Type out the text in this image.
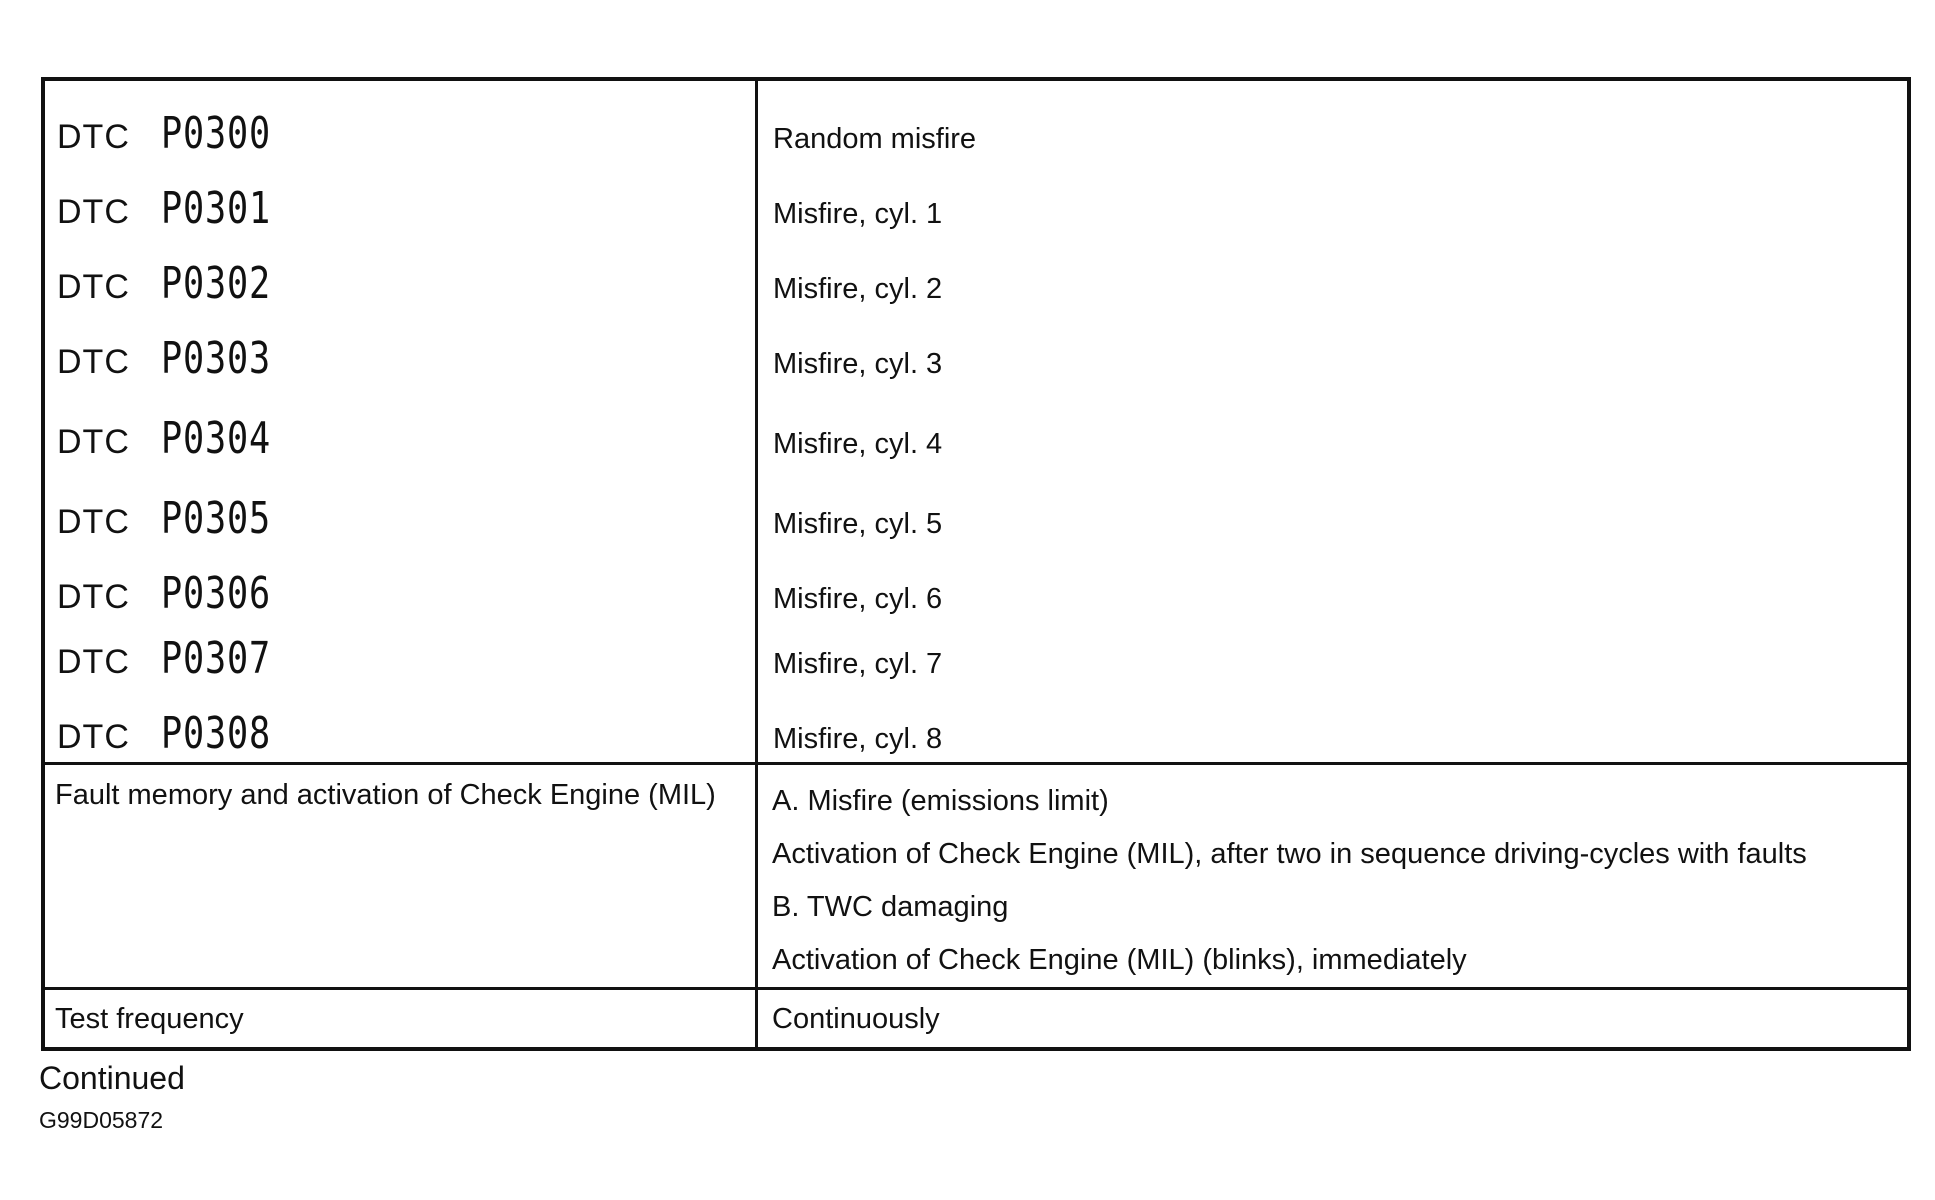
DTC P0300	Random misfire
DTC P0301	Misfire, cyl. 1
DTC P0302	Misfire, cyl. 2
DTC P0303	Misfire, cyl. 3
DTC P0304	Misfire, cyl. 4
DTC P0305	Misfire, cyl. 5
DTC P0306	Misfire, cyl. 6
DTC P0307	Misfire, cyl. 7
DTC P0308	Misfire, cyl. 8
Fault memory and activation of Check Engine (MIL)	A. Misfire (emissions limit)
Activation of Check Engine (MIL), after two in sequence driving-cycles with faults
B. TWC damaging
Activation of Check Engine (MIL) (blinks), immediately
Test frequency	Continuously
Continued
G99D05872
